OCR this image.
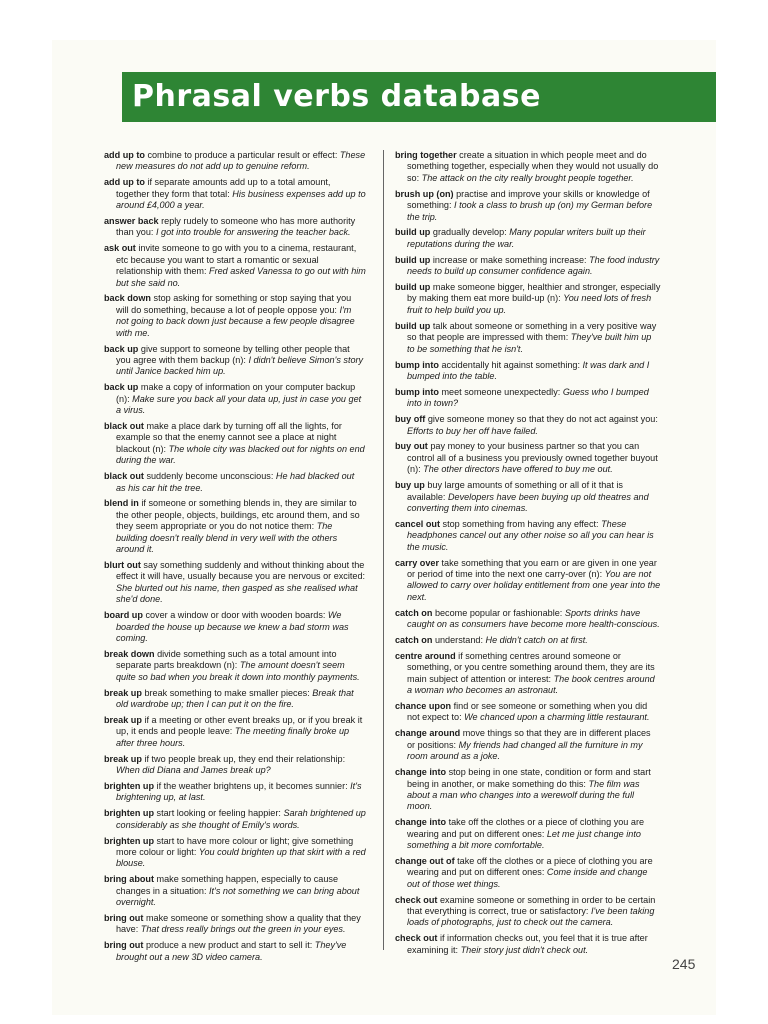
Phrasal verbs database

add up to combine to produce a particular result or effect: These new measures do not add up to genuine reform.

add up to if separate amounts add up to a total amount, together they form that total: His business expenses add up to around £4,000 a year.

answer back reply rudely to someone who has more authority than you: I got into trouble for answering the teacher back.

ask out invite someone to go with you to a cinema, restaurant, etc because you want to start a romantic or sexual relationship with them: Fred asked Vanessa to go out with him but she said no.

back down stop asking for something or stop saying that you will do something, because a lot of people oppose you: I'm not going to back down just because a few people disagree with me.

back up give support to someone by telling other people that you agree with them backup (n): I didn't believe Simon's story until Janice backed him up.

back up make a copy of information on your computer backup (n): Make sure you back all your data up, just in case you get a virus.

black out make a place dark by turning off all the lights, for example so that the enemy cannot see a place at night blackout (n): The whole city was blacked out for nights on end during the war.

black out suddenly become unconscious: He had blacked out as his car hit the tree.

blend in if someone or something blends in, they are similar to the other people, objects, buildings, etc around them, and so they seem appropriate or you do not notice them: The building doesn't really blend in very well with the others around it.

blurt out say something suddenly and without thinking about the effect it will have, usually because you are nervous or excited: She blurted out his name, then gasped as she realised what she'd done.

board up cover a window or door with wooden boards: We boarded the house up because we knew a bad storm was coming.

break down divide something such as a total amount into separate parts breakdown (n): The amount doesn't seem quite so bad when you break it down into monthly payments.

break up break something to make smaller pieces: Break that old wardrobe up; then I can put it on the fire.

break up if a meeting or other event breaks up, or if you break it up, it ends and people leave: The meeting finally broke up after three hours.

break up if two people break up, they end their relationship: When did Diana and James break up?

brighten up if the weather brightens up, it becomes sunnier: It's brightening up, at last.

brighten up start looking or feeling happier: Sarah brightened up considerably as she thought of Emily's words.

brighten up start to have more colour or light; give something more colour or light: You could brighten up that skirt with a red blouse.

bring about make something happen, especially to cause changes in a situation: It's not something we can bring about overnight.

bring out make someone or something show a quality that they have: That dress really brings out the green in your eyes.

bring out produce a new product and start to sell it: They've brought out a new 3D video camera.

bring together create a situation in which people meet and do something together, especially when they would not usually do so: The attack on the city really brought people together.

brush up (on) practise and improve your skills or knowledge of something: I took a class to brush up (on) my German before the trip.

build up gradually develop: Many popular writers built up their reputations during the war.

build up increase or make something increase: The food industry needs to build up consumer confidence again.

build up make someone bigger, healthier and stronger, especially by making them eat more build-up (n): You need lots of fresh fruit to help build you up.

build up talk about someone or something in a very positive way so that people are impressed with them: They've built him up to be something that he isn't.

bump into accidentally hit against something: It was dark and I bumped into the table.

bump into meet someone unexpectedly: Guess who I bumped into in town?

buy off give someone money so that they do not act against you: Efforts to buy her off have failed.

buy out pay money to your business partner so that you can control all of a business you previously owned together buyout (n): The other directors have offered to buy me out.

buy up buy large amounts of something or all of it that is available: Developers have been buying up old theatres and converting them into cinemas.

cancel out stop something from having any effect: These headphones cancel out any other noise so all you can hear is the music.

carry over take something that you earn or are given in one year or period of time into the next one carry-over (n): You are not allowed to carry over holiday entitlement from one year into the next.

catch on become popular or fashionable: Sports drinks have caught on as consumers have become more health-conscious.

catch on understand: He didn't catch on at first.

centre around if something centres around someone or something, or you centre something around them, they are its main subject of attention or interest: The book centres around a woman who becomes an astronaut.

chance upon find or see someone or something when you did not expect to: We chanced upon a charming little restaurant.

change around move things so that they are in different places or positions: My friends had changed all the furniture in my room around as a joke.

change into stop being in one state, condition or form and start being in another, or make something do this: The film was about a man who changes into a werewolf during the full moon.

change into take off the clothes or a piece of clothing you are wearing and put on different ones: Let me just change into something a bit more comfortable.

change out of take off the clothes or a piece of clothing you are wearing and put on different ones: Come inside and change out of those wet things.

check out examine someone or something in order to be certain that everything is correct, true or satisfactory: I've been taking loads of photographs, just to check out the camera.

check out if information checks out, you feel that it is true after examining it: Their story just didn't check out.

245
